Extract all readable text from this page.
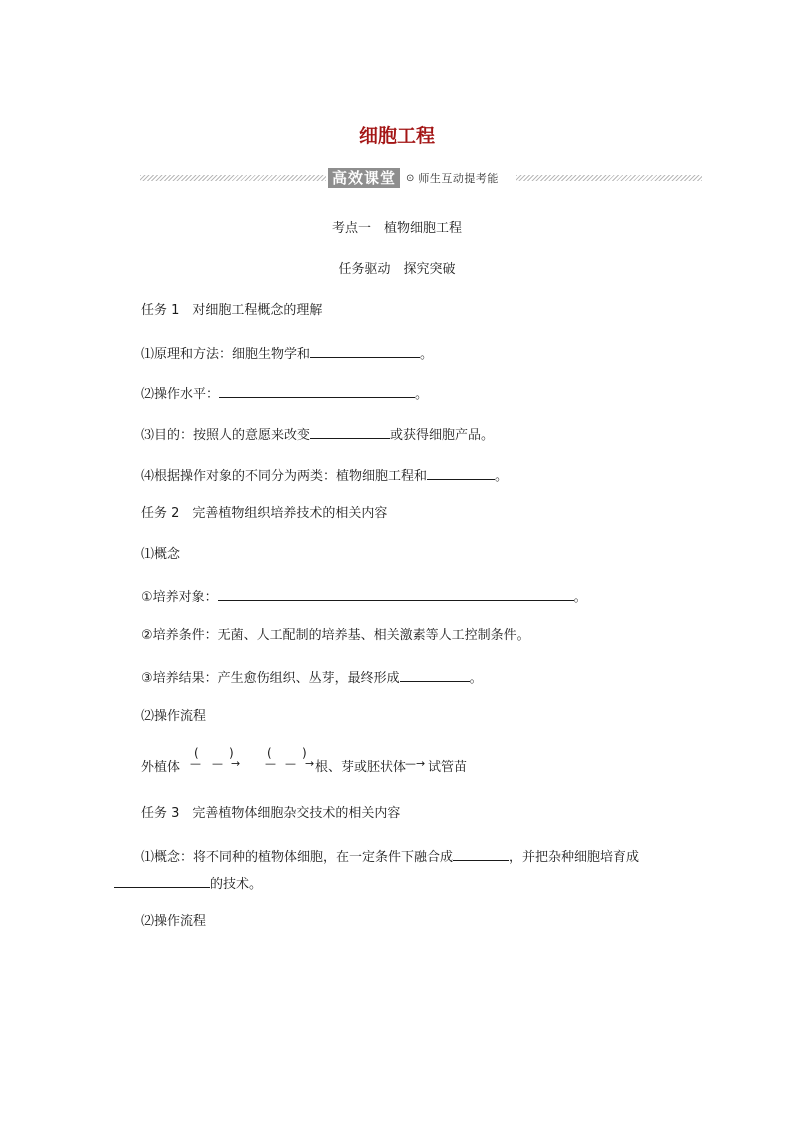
细胞工程
高效课堂	⊙ 师生互动提考能
考点一　植物细胞工程
任务驱动　探究突破
任务 1　对细胞工程概念的理解
⑴原理和方法：细胞生物学和	。
⑵操作水平：	。
⑶目的：按照人的意愿来改变	或获得细胞产品。
⑷根据操作对象的不同分为两类：植物细胞工程和	。
任务 2　完善植物组织培养技术的相关内容
⑴概念
①培养对象：	。
②培养条件：无菌、人工配制的培养基、相关激素等人工控制条件。
③培养结果：产生愈伤组织、丛芽，最终形成	。
⑵操作流程
外植体
(	)
— — →
(	)
— — → 根、芽或胚状体
—→ 试管苗
任务 3　完善植物体细胞杂交技术的相关内容
⑴概念：将不同种的植物体细胞，在一定条件下融合成	，并把杂种细胞培育成
的技术。
⑵操作流程
